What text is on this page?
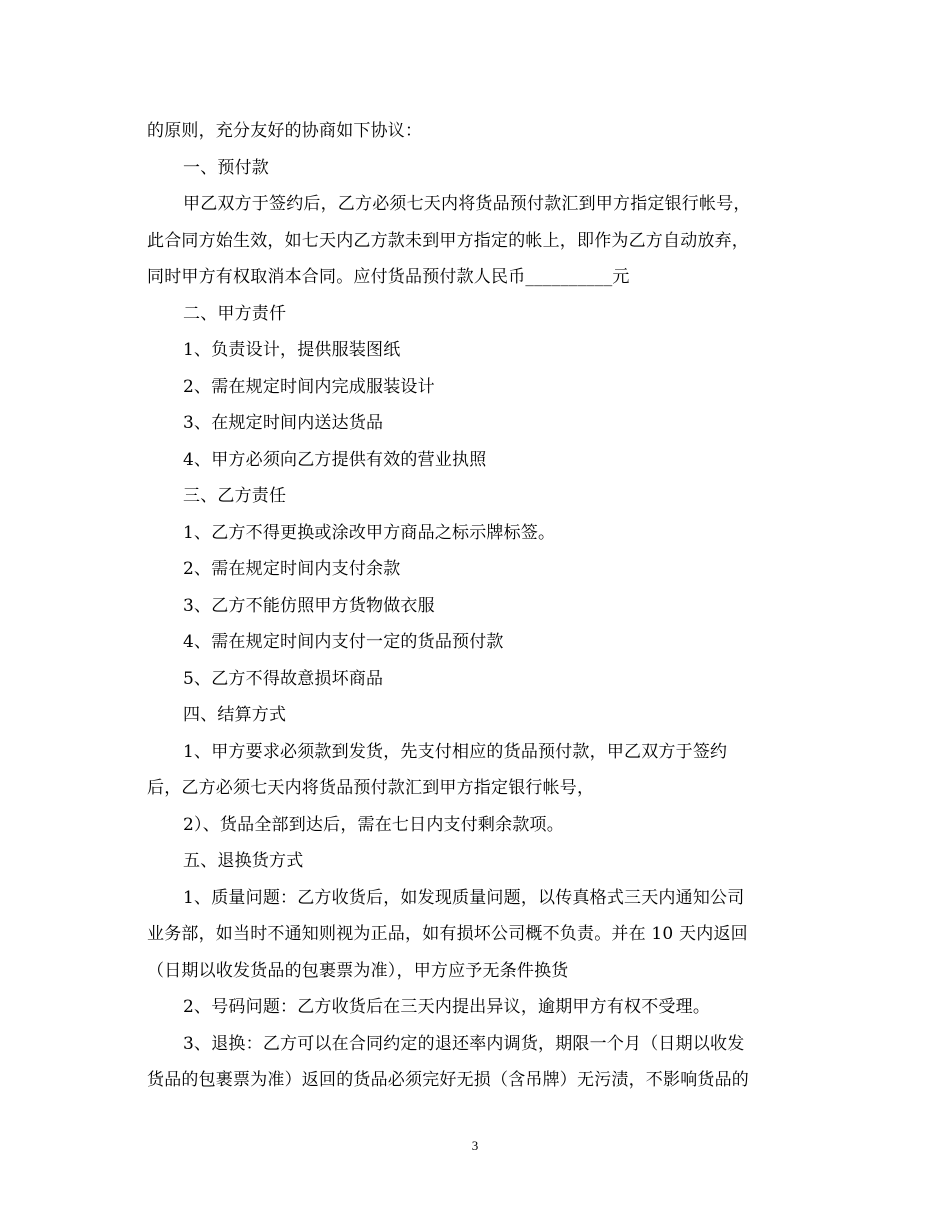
的原则，充分友好的协商如下协议：
一、预付款
甲乙双方于签约后，乙方必须七天内将货品预付款汇到甲方指定银行帐号，
此合同方始生效，如七天内乙方款未到甲方指定的帐上，即作为乙方自动放弃，
同时甲方有权取消本合同。应付货品预付款人民币__________元
二、甲方责仟
1、负责设计，提供服装图纸
2、需在规定时间内完成服装设计
3、在规定时间内送达货品
4、甲方必须向乙方提供有效的营业执照
三、乙方责任
1、乙方不得更换或涂改甲方商品之标示牌标签。
2、需在规定时间内支付余款
3、乙方不能仿照甲方货物做衣服
4、需在规定时间内支付一定的货品预付款
5、乙方不得故意损坏商品
四、结算方式
1、甲方要求必须款到发货，先支付相应的货品预付款，甲乙双方于签约
后，乙方必须七天内将货品预付款汇到甲方指定银行帐号，
2）、货品全部到达后，需在七日内支付剩余款项。
五、退换货方式
1、质量问题：乙方收货后，如发现质量问题，以传真格式三天内通知公司
业务部，如当时不通知则视为正品，如有损坏公司概不负责。并在 10 天内返回
（日期以收发货品的包裹票为准），甲方应予无条件换货
2、号码问题：乙方收货后在三天内提出异议，逾期甲方有权不受理。
3、退换：乙方可以在合同约定的退还率内调货，期限一个月（日期以收发
货品的包裹票为准）返回的货品必须完好无损（含吊牌）无污渍，不影响货品的
3
